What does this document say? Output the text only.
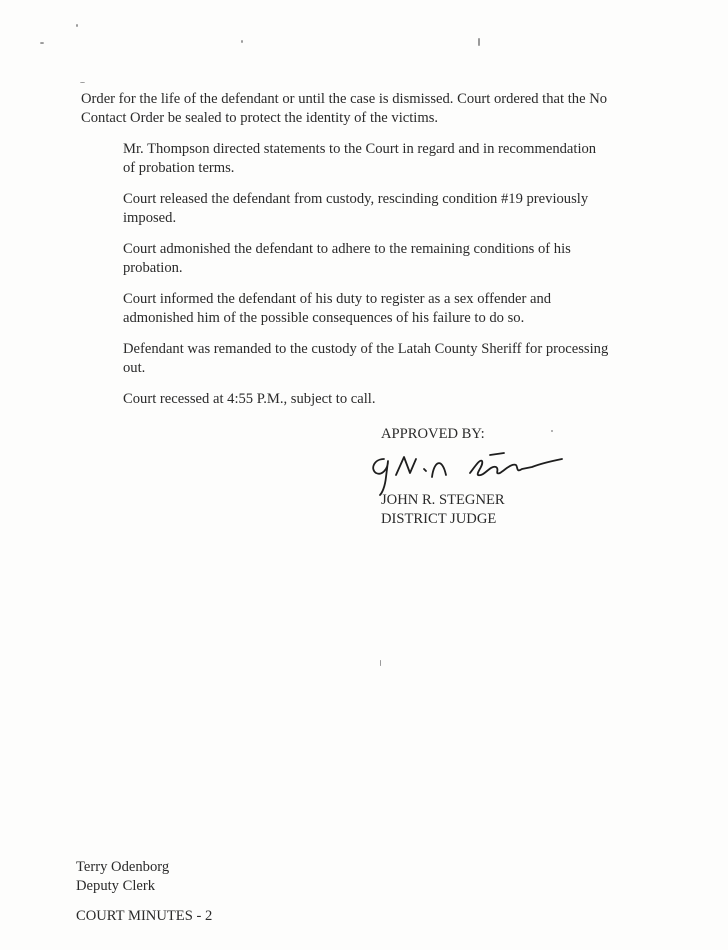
Order for the life of the defendant or until the case is dismissed. Court ordered that the No
Contact Order be sealed to protect the identity of the victims.

Mr. Thompson directed statements to the Court in regard and in recommendation
of probation terms.

Court released the defendant from custody, rescinding condition #19 previously
imposed.

Court admonished the defendant to adhere to the remaining conditions of his
probation.

Court informed the defendant of his duty to register as a sex offender and
admonished him of the possible consequences of his failure to do so.

Defendant was remanded to the custody of the Latah County Sheriff for processing
out.

Court recessed at 4:55 P.M., subject to call.

APPROVED BY:
JOHN R. STEGNER
DISTRICT JUDGE
Terry Odenborg
Deputy Clerk
COURT MINUTES - 2
